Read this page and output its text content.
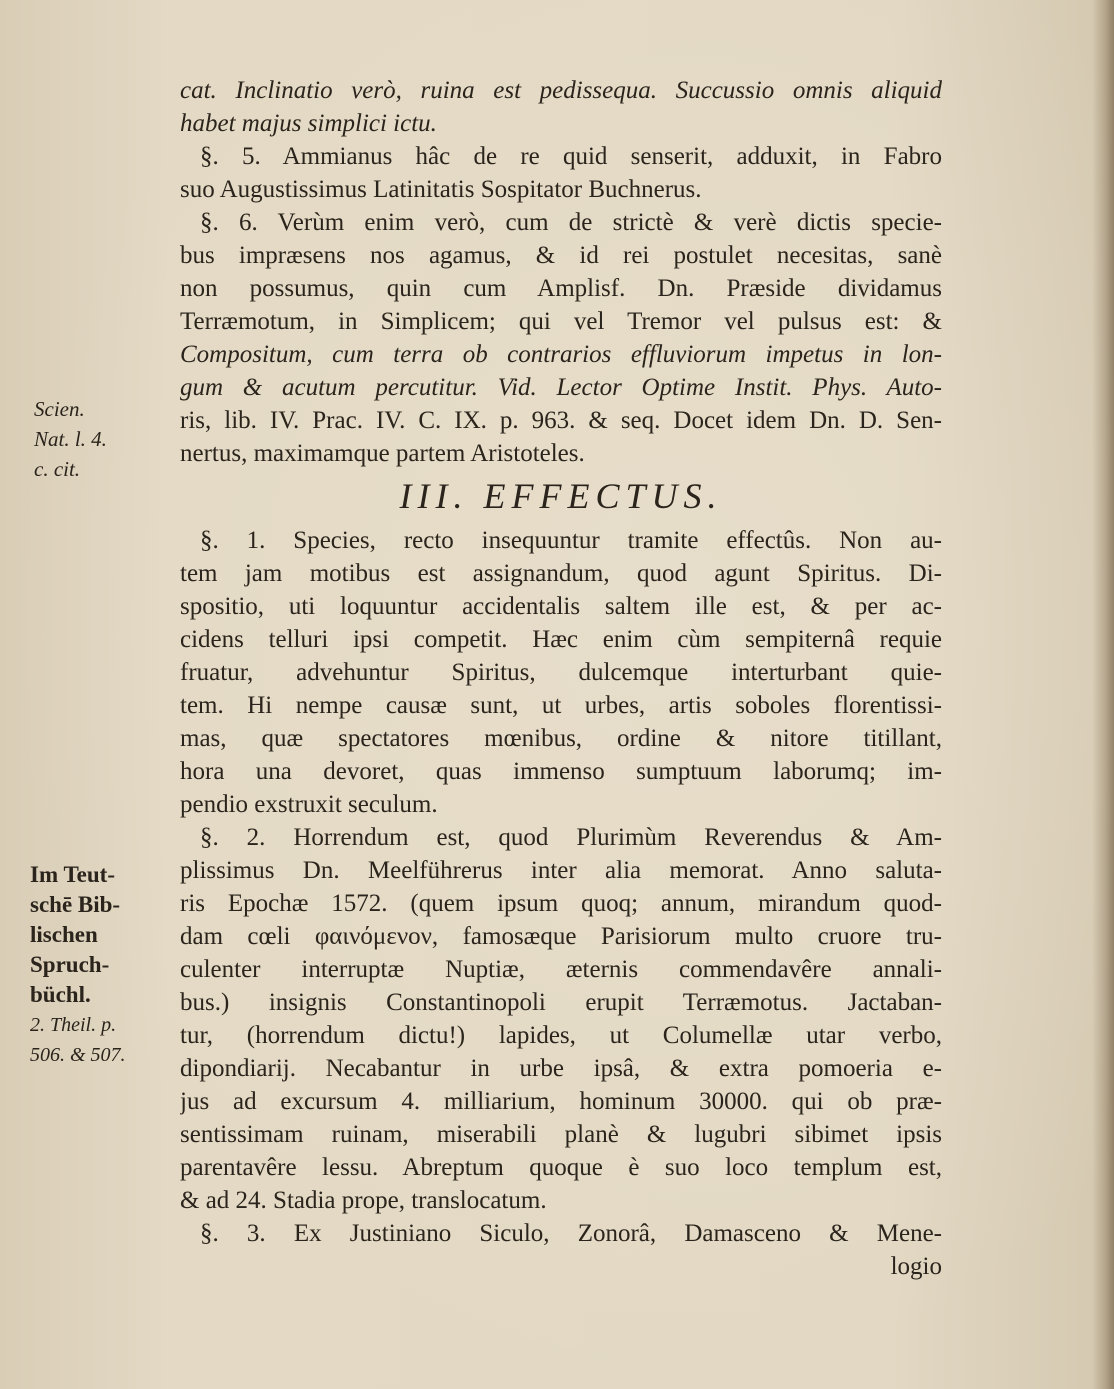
cat. Inclinatio verò, ruina est pedissequa. Succussio omnis aliquid
habet majus simplici ictu.
§. 5. Ammianus hâc de re quid senserit, adduxit, in Fabro
suo Augustissimus Latinitatis Sospitator Buchnerus.
§. 6. Verùm enim verò, cum de strictè & verè dictis specie-
bus impræsens nos agamus, & id rei postulet necesitas, sanè
non possumus, quin cum Amplisf. Dn. Præside dividamus
Terræmotum, in Simplicem; qui vel Tremor vel pulsus est: &
Compositum, cum terra ob contrarios effluviorum impetus in lon-
gum & acutum percutitur. Vid. Lector Optime Instit. Phys. Auto-
ris, lib. IV. Prac. IV. C. IX. p. 963. & seq. Docet idem Dn. D. Sen-
nertus, maximamque partem Aristoteles.
III. EFFECTUS.
§. 1. Species, recto insequuntur tramite effectûs. Non au-
tem jam motibus est assignandum, quod agunt Spiritus. Di-
spositio, uti loquuntur accidentalis saltem ille est, & per ac-
cidens telluri ipsi competit. Hæc enim cùm sempiternâ requie
fruatur, advehuntur Spiritus, dulcemque interturbant quie-
tem. Hi nempe causæ sunt, ut urbes, artis soboles florentissi-
mas, quæ spectatores mœnibus, ordine & nitore titillant,
hora una devoret, quas immenso sumptuum laborumq; im-
pendio exstruxit seculum.
§. 2. Horrendum est, quod Plurimùm Reverendus & Am-
plissimus Dn. Meelführerus inter alia memorat. Anno saluta-
ris Epochæ 1572. (quem ipsum quoq; annum, mirandum quod-
dam cœli φαινόμενον, famosæque Parisiorum multo cruore tru-
culenter interruptæ Nuptiæ, æternis commendavêre annali-
bus.) insignis Constantinopoli erupit Terræmotus. Jactaban-
tur, (horrendum dictu!) lapides, ut Columellæ utar verbo,
dipondiarij. Necabantur in urbe ipsâ, & extra pomoeria e-
jus ad excursum 4. milliarium, hominum 30000. qui ob præ-
sentissimam ruinam, miserabili planè & lugubri sibimet ipsis
parentavêre lessu. Abreptum quoque è suo loco templum est,
& ad 24. Stadia prope, translocatum.
§. 3. Ex Justiniano Siculo, Zonorâ, Damasceno & Mene-
logio
Scien.
Nat. l. 4.
c. cit.
Im Teut-
schē Bib-
lischen
Spruch-
büchl.
2. Theil. p.
506. & 507.
